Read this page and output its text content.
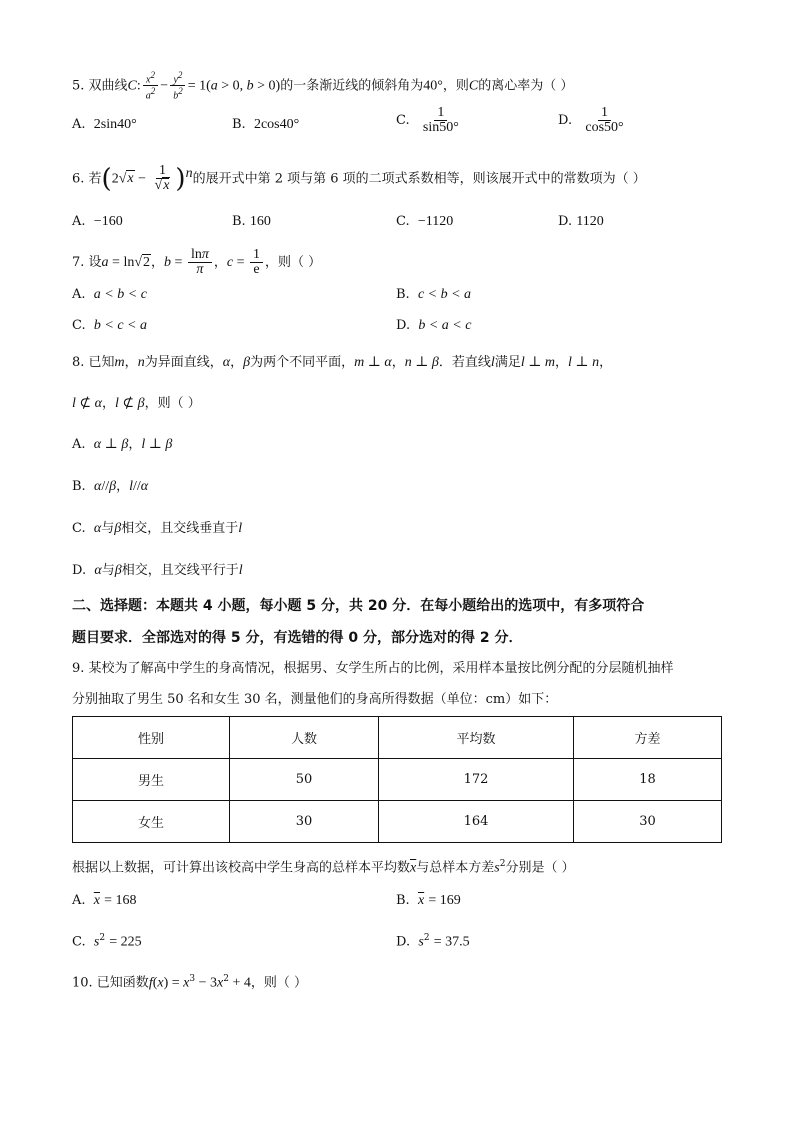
5. 双曲线C: $\frac{x^2}{a^2} - \frac{y^2}{b^2} = 1(a > 0$, b > 0)的一条渐近线的倾斜角为40°，则C的离心率为（ ）
A. 2sin40°	B. 2cos40°	C. $\frac{1}{\sin 50^\circ}$	D. $\frac{1}{\cos 50^\circ}$
6. 若$(2√x - \frac{1}{√x} )^n$的展开式中第 2 项与第 6 项的二项式系数相等，则该展开式中的常数项为（ ）
A. −160	B. 160	C. −1120	D. 1120
7. 设a = ln√2，$b = \frac{\ln\pi}{\pi}$ ，$c = \frac{1}{e}$ ，则（ ）
A. a < b < c	B. c < b < a
C. b < c < a	D. b < a < c
8. 已知m，n为异面直线，α，β为两个不同平面，m ⊥ α，n ⊥ β．若直线l满足l ⊥ m，l ⊥ n，
l ⊄ α，l ⊄ β，则（ ）
A. α ⊥ β，l ⊥ β
B. α//β，l//α
C. α与β相交，且交线垂直于l
D. α与β相交，且交线平行于l
二、选择题：本题共 4 小题，每小题 5 分，共 20 分．在每小题给出的选项中，有多项符合
题目要求．全部选对的得 5 分，有选错的得 0 分，部分选对的得 2 分．
9. 某校为了解高中学生的身高情况，根据男、女学生所占的比例，采用样本量按比例分配的分层随机抽样
分别抽取了男生 50 名和女生 30 名，测量他们的身高所得数据（单位：cm）如下：
性别	人数	平均数	方差
男生	50	172	18
女生	30	164	30
根据以上数据，可计算出该校高中学生身高的总样本平均数$\overline{x}$与总样本方差$s^2$分别是（ ）
A. $\overline{x} = 168$	B. $\overline{x} = 169$
C. $s^2 = 225$	D. $s^2 = 37.5$
10. 已知函数$f(x) = x^3 - 3x^2 + 4$，则（ ）
